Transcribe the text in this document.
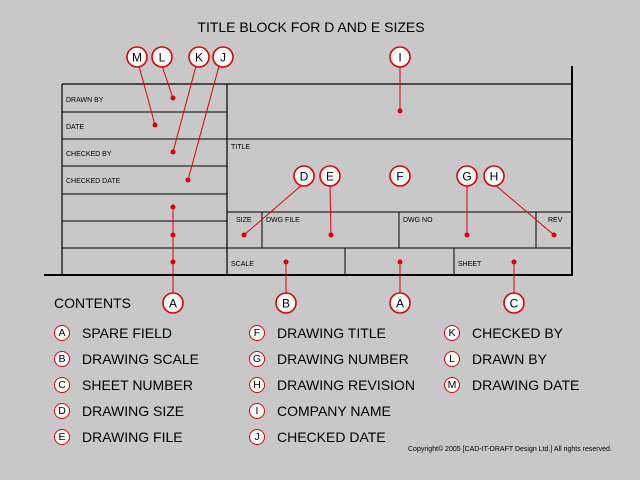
TITLE BLOCK FOR D AND E SIZES
DRAWN BY
DATE
CHECKED BY
CHECKED DATE
TITLE
SIZE DWG FILE	DWG NO	REV
SCALE	SHEET
M L K J	I
D E	F	G H
A	B	A	C
CONTENTS
A	SPARE FIELD
B	DRAWING SCALE
C	SHEET NUMBER
D	DRAWING SIZE
E	DRAWING FILE
F	DRAWING TITLE
G DRAWING NUMBER
H	DRAWING REVISION
I	COMPANY NAME
J	CHECKED DATE
K	CHECKED BY
L	DRAWN BY
M DRAWING DATE
Copyright© 2005 [CAD-IT-DRAFT Design Ltd.] All rights reserved.
